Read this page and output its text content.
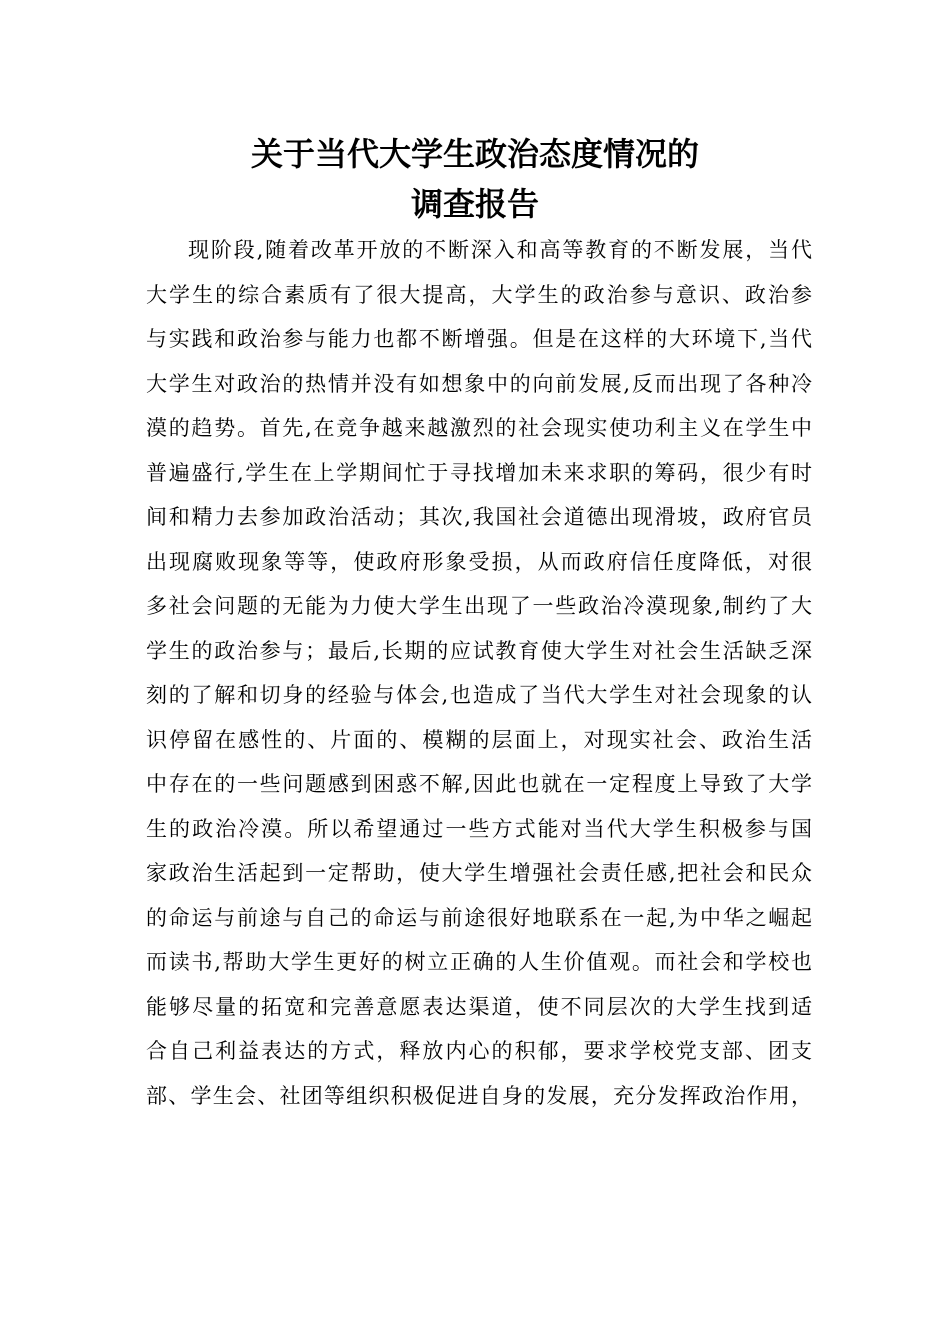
关于当代大学生政治态度情况的
调查报告
现阶段,随着改革开放的不断深入和高等教育的不断发展，当代
大学生的综合素质有了很大提高，大学生的政治参与意识、政治参
与实践和政治参与能力也都不断增强。但是在这样的大环境下,当代
大学生对政治的热情并没有如想象中的向前发展,反而出现了各种冷
漠的趋势。首先,在竞争越来越激烈的社会现实使功利主义在学生中
普遍盛行,学生在上学期间忙于寻找增加未来求职的筹码，很少有时
间和精力去参加政治活动；其次,我国社会道德出现滑坡，政府官员
出现腐败现象等等，使政府形象受损，从而政府信任度降低，对很
多社会问题的无能为力使大学生出现了一些政治冷漠现象,制约了大
学生的政治参与；最后,长期的应试教育使大学生对社会生活缺乏深
刻的了解和切身的经验与体会,也造成了当代大学生对社会现象的认
识停留在感性的、片面的、模糊的层面上，对现实社会、政治生活
中存在的一些问题感到困惑不解,因此也就在一定程度上导致了大学
生的政治冷漠。所以希望通过一些方式能对当代大学生积极参与国
家政治生活起到一定帮助，使大学生增强社会责任感,把社会和民众
的命运与前途与自己的命运与前途很好地联系在一起,为中华之崛起
而读书,帮助大学生更好的树立正确的人生价值观。而社会和学校也
能够尽量的拓宽和完善意愿表达渠道，使不同层次的大学生找到适
合自己利益表达的方式，释放内心的积郁，要求学校党支部、团支
部、学生会、社团等组织积极促进自身的发展，充分发挥政治作用，
